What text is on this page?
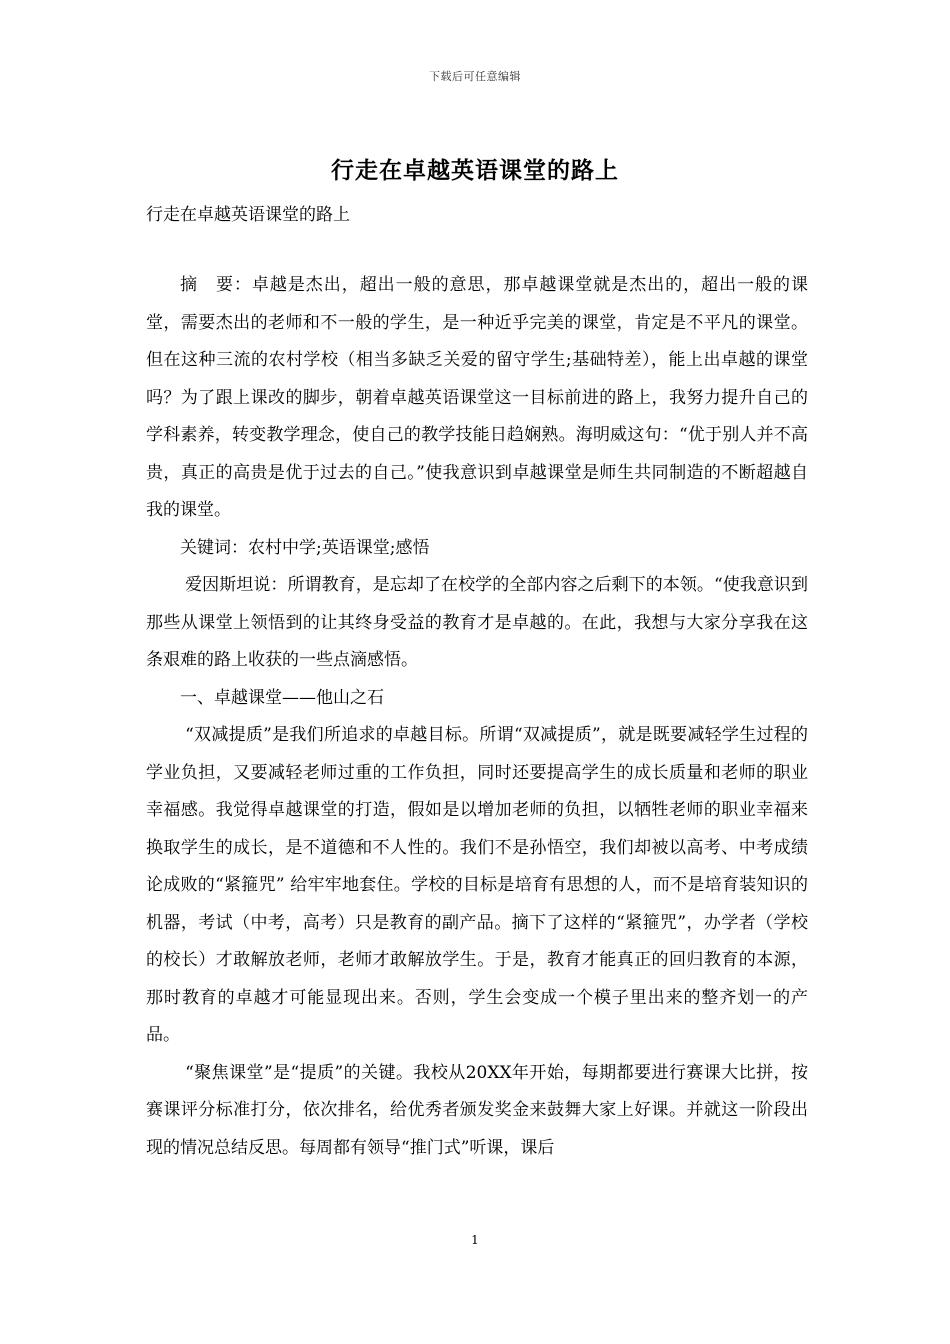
下载后可任意编辑
行走在卓越英语课堂的路上
行走在卓越英语课堂的路上

摘　要：卓越是杰出，超出一般的意思，那卓越课堂就是杰出的，超出一般的课堂，需要杰出的老师和不一般的学生，是一种近乎完美的课堂，肯定是不平凡的课堂。但在这种三流的农村学校（相当多缺乏关爱的留守学生;基础特差），能上出卓越的课堂吗？为了跟上课改的脚步，朝着卓越英语课堂这一目标前进的路上，我努力提升自己的学科素养，转变教学理念，使自己的教学技能日趋娴熟。海明威这句：“优于别人并不高贵，真正的高贵是优于过去的自己。”使我意识到卓越课堂是师生共同制造的不断超越自我的课堂。

关键词：农村中学;英语课堂;感悟

爱因斯坦说：所谓教育，是忘却了在校学的全部内容之后剩下的本领。“使我意识到那些从课堂上领悟到的让其终身受益的教育才是卓越的。在此，我想与大家分享我在这条艰难的路上收获的一些点滴感悟。

一、卓越课堂——他山之石

“双减提质”是我们所追求的卓越目标。所谓“双减提质”，就是既要减轻学生过程的学业负担，又要减轻老师过重的工作负担，同时还要提高学生的成长质量和老师的职业幸福感。我觉得卓越课堂的打造，假如是以增加老师的负担，以牺牲老师的职业幸福来换取学生的成长，是不道德和不人性的。我们不是孙悟空，我们却被以高考、中考成绩论成败的“紧箍咒” 给牢牢地套住。学校的目标是培育有思想的人，而不是培育装知识的机器，考试（中考，高考）只是教育的副产品。摘下了这样的“紧箍咒”，办学者（学校的校长）才敢解放老师，老师才敢解放学生。于是，教育才能真正的回归教育的本源，那时教育的卓越才可能显现出来。否则，学生会变成一个模子里出来的整齐划一的产品。

“聚焦课堂”是“提质”的关键。我校从20XX年开始，每期都要进行赛课大比拼，按赛课评分标准打分，依次排名，给优秀者颁发奖金来鼓舞大家上好课。并就这一阶段出现的情况总结反思。每周都有领导“推门式”听课，课后

1
